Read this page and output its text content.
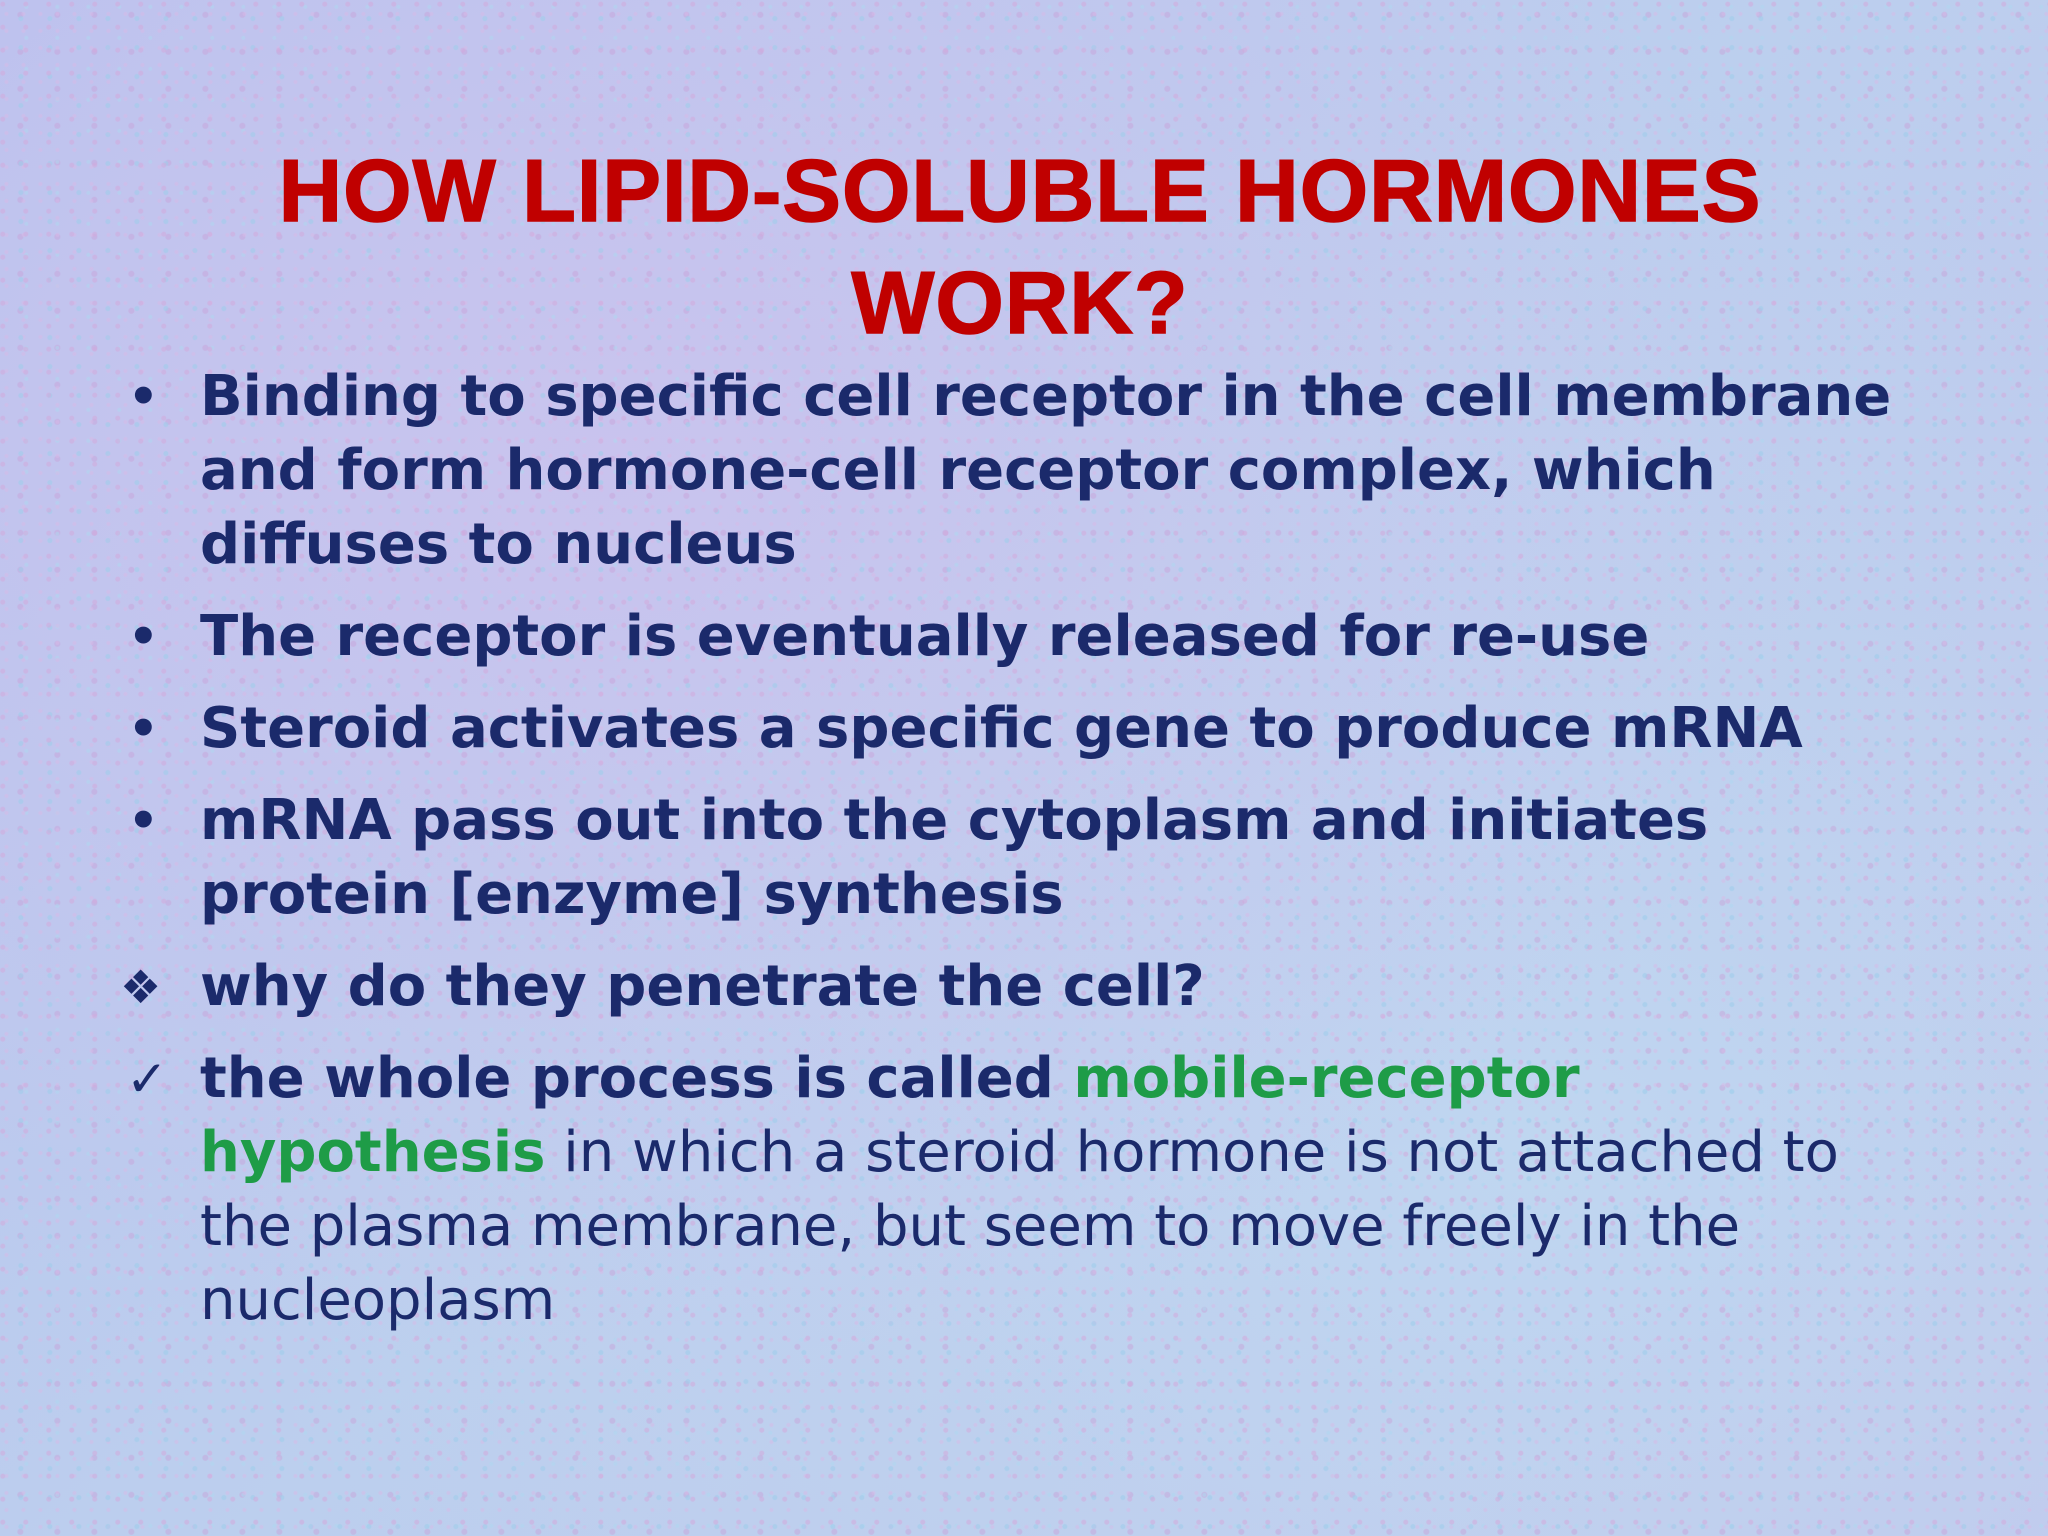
HOW LIPID-SOLUBLE HORMONES
WORK?
• Binding to specific cell receptor in the cell membrane and form hormone-cell receptor complex, which diffuses to nucleus
• The receptor is eventually released for re-use
• Steroid activates a specific gene to produce mRNA
• mRNA pass out into the cytoplasm and initiates protein [enzyme] synthesis
❖ why do they penetrate the cell?
✓ the whole process is called mobile-receptor hypothesis in which a steroid hormone is not attached to the plasma membrane, but seem to move freely in the nucleoplasm
